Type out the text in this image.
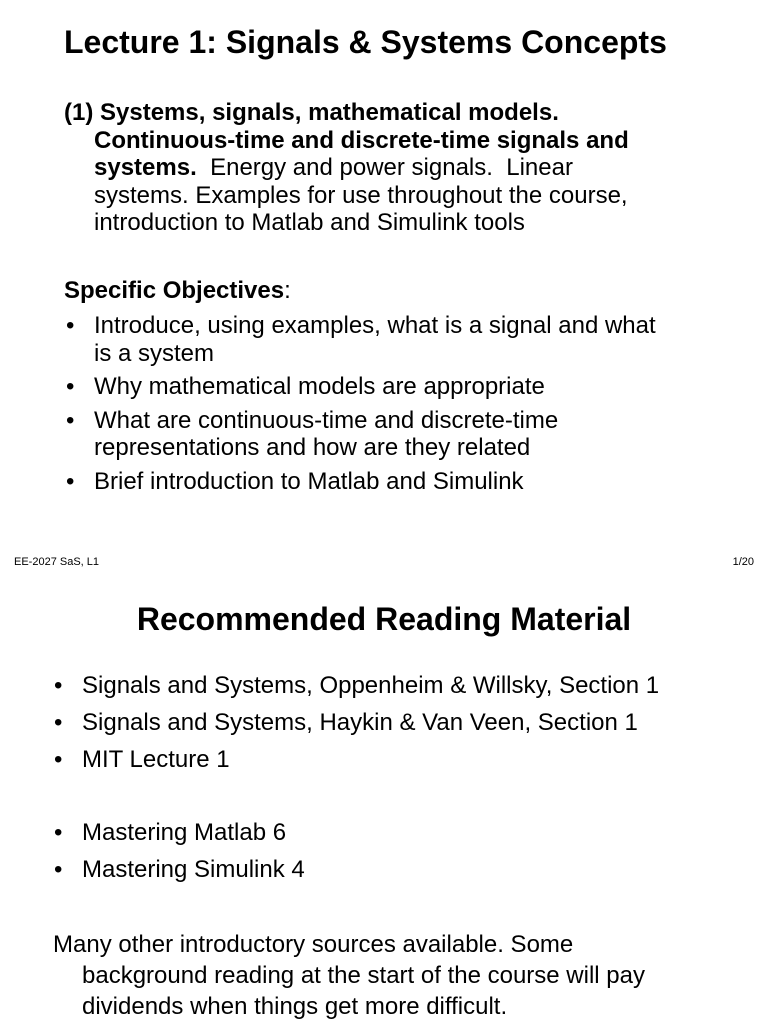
Lecture 1: Signals & Systems Concepts
(1) Systems, signals, mathematical models.
Continuous-time and discrete-time signals and
systems.  Energy and power signals.  Linear
systems. Examples for use throughout the course,
introduction to Matlab and Simulink tools
Specific Objectives:
• Introduce, using examples, what is a signal and what
is a system
• Why mathematical models are appropriate
• What are continuous-time and discrete-time
representations and how are they related
• Brief introduction to Matlab and Simulink
EE-2027 SaS, L1	1/20
Recommended Reading Material
• Signals and Systems, Oppenheim & Willsky, Section 1
• Signals and Systems, Haykin & Van Veen, Section 1
• MIT Lecture 1
• Mastering Matlab 6
• Mastering Simulink 4
Many other introductory sources available. Some
background reading at the start of the course will pay
dividends when things get more difficult.
